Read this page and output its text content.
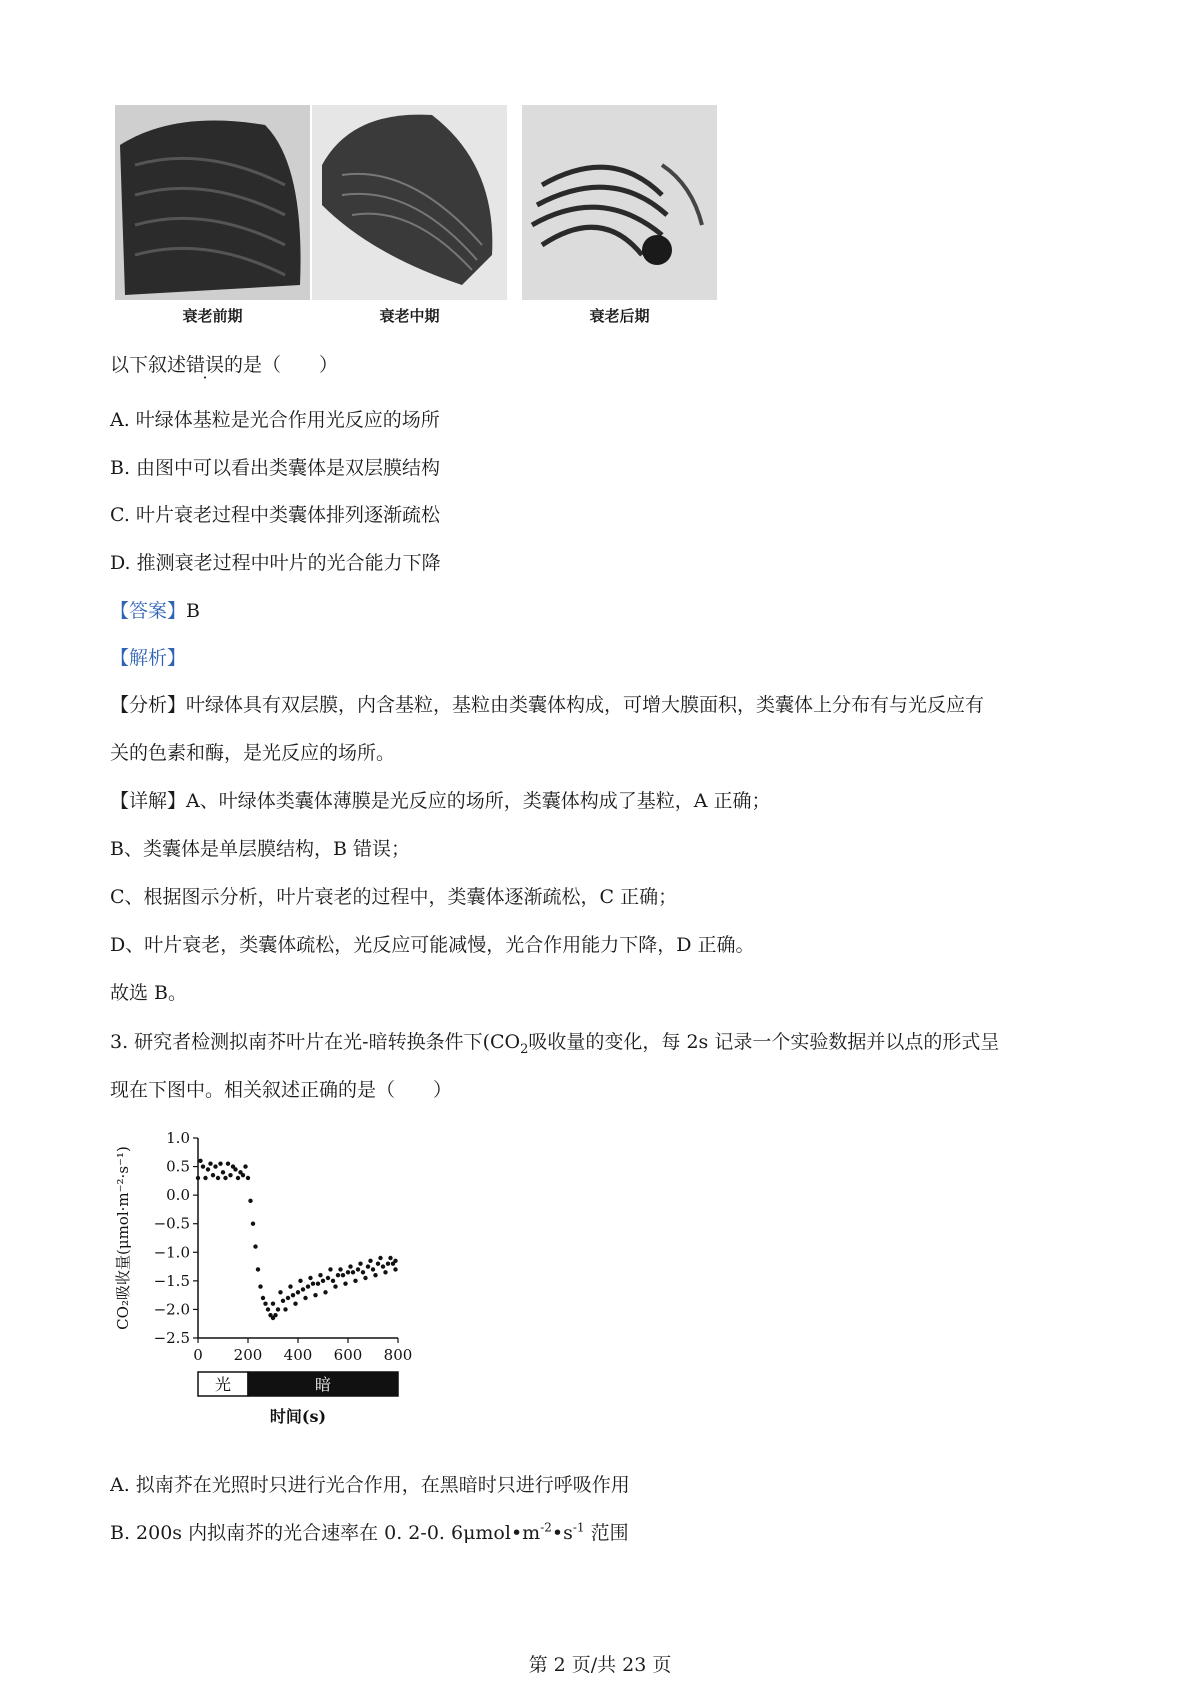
衰老前期	衰老中期	衰老后期
以下叙述错误的是（　　）
A. 叶绿体基粒是光合作用光反应的场所
B. 由图中可以看出类囊体是双层膜结构
C. 叶片衰老过程中类囊体排列逐渐疏松
D. 推测衰老过程中叶片的光合能力下降
【答案】B
【解析】
【分析】叶绿体具有双层膜，内含基粒，基粒由类囊体构成，可增大膜面积，类囊体上分布有与光反应有
关的色素和酶，是光反应的场所。
【详解】A、叶绿体类囊体薄膜是光反应的场所，类囊体构成了基粒，A 正确；
B、类囊体是单层膜结构，B 错误；
C、根据图示分析，叶片衰老的过程中，类囊体逐渐疏松，C 正确；
D、叶片衰老，类囊体疏松，光反应可能减慢，光合作用能力下降，D 正确。
故选 B。
3. 研究者检测拟南芥叶片在光-暗转换条件下($CO_2$吸收量的变化，每 2s 记录一个实验数据并以点的形式呈
现在下图中。相关叙述正确的是（　　）
1.0
0.5
0.0
−0.5
−1.0
−1.5
−2.0
−2.5
0 200 400 600 800
CO₂吸收量(μmol·m⁻²·s⁻¹)
光	暗
时间(s)
A. 拟南芥在光照时只进行光合作用，在黑暗时只进行呼吸作用
B. 200s 内拟南芥的光合速率在 0. 2-0. $6\mu mol•m^{-2}•s^{-1}$ 范围
第 2 页/共 23 页
